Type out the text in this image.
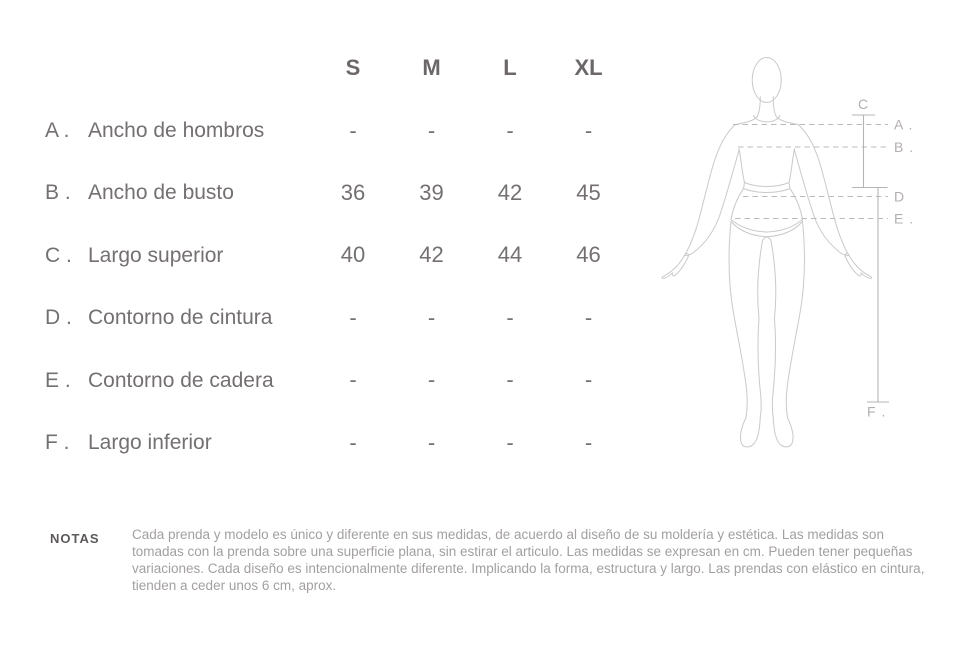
S	M	L	XL
A . Ancho de hombros	-	-	-	-
B . Ancho de busto	36	39	42	45
C . Largo superior	40	42	44	46
D . Contorno de cintura	-	-	-	-
E . Contorno de cadera	-	-	-	-
F . Largo inferior	-	-	-	-
C
A .
B .
D
E .
F .
NOTAS Cada prenda y modelo es único y diferente en sus medidas, de acuerdo al diseño de su moldería y estética. Las medidas son tomadas con la prenda sobre una superficie plana, sin estirar el articulo. Las medidas se expresan en cm. Pueden tener pequeñas variaciones. Cada diseño es intencionalmente diferente. Implicando la forma, estructura y largo. Las prendas con elástico en cintura, tienden a ceder unos 6 cm, aprox.
